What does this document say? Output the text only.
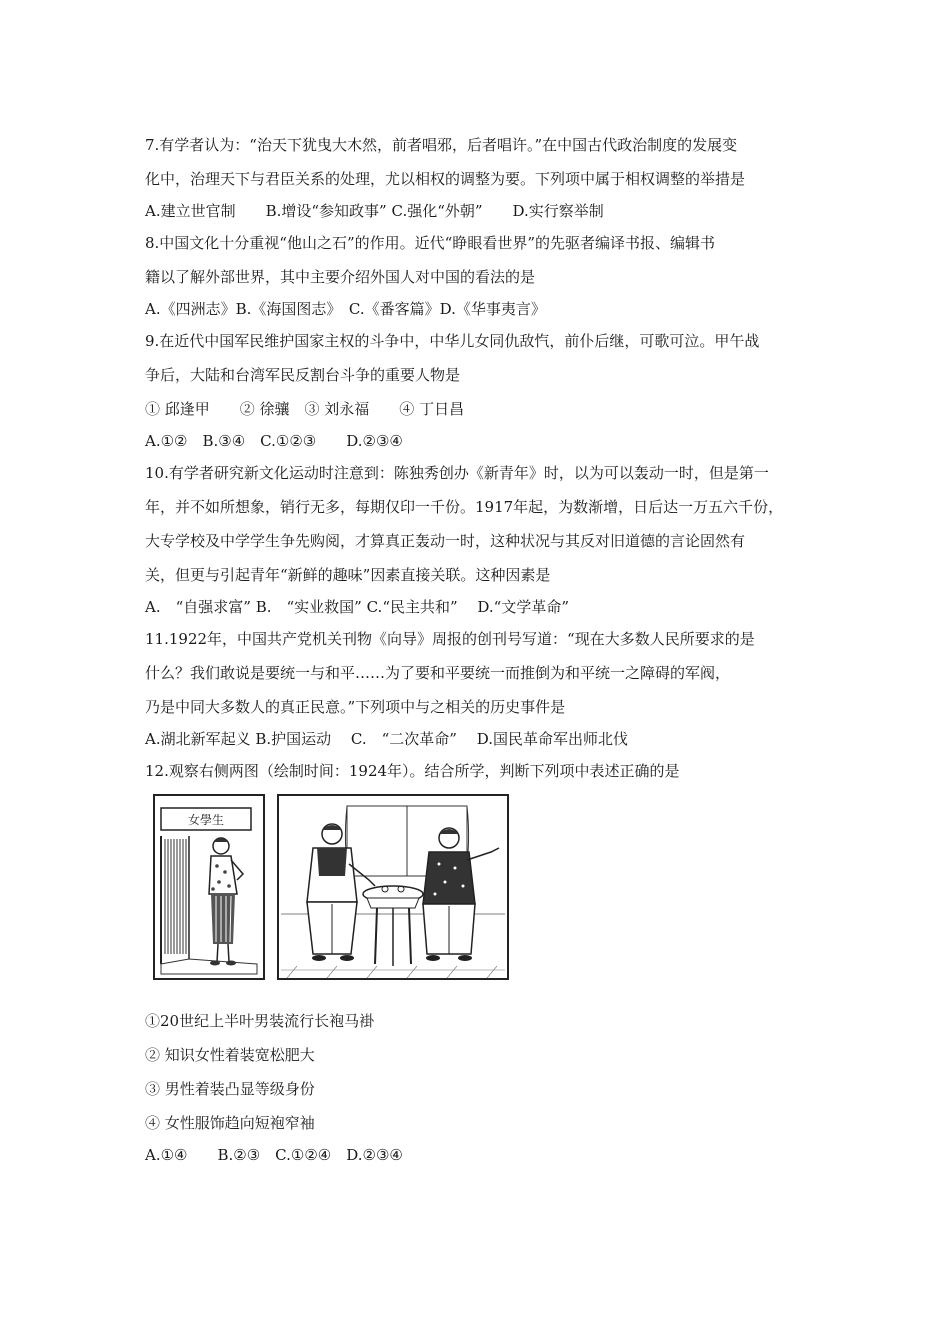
7.有学者认为：“治天下犹曳大木然，前者唱邪，后者唱许。”在中国古代政治制度的发展变
化中，治理天下与君臣关系的处理，尤以相权的调整为要。下列项中属于相权调整的举措是
A.建立世官制　　B.增设“参知政事” C.强化“外朝”　　D.实行察举制
8.中国文化十分重视“他山之石”的作用。近代“睁眼看世界”的先驱者编译书报、编辑书
籍以了解外部世界，其中主要介绍外国人对中国的看法的是
A.《四洲志》B.《海国图志》　C.《番客篇》D.《华事夷言》
9.在近代中国军民维护国家主权的斗争中，中华儿女同仇敌忾，前仆后继，可歌可泣。甲午战
争后，大陆和台湾军民反割台斗争的重要人物是
① 邱逢甲　　② 徐骧　③ 刘永福　　④ 丁日昌
A.①②　B.③④　C.①②③　　D.②③④
10.有学者研究新文化运动时注意到：陈独秀创办《新青年》时，以为可以轰动一时，但是第一
年，并不如所想象，销行无多，每期仅印一千份。1917年起，为数渐增，日后达一万五六千份，
大专学校及中学学生争先购阅，才算真正轰动一时，这种状况与其反对旧道德的言论固然有
关，但更与引起青年“新鲜的趣味”因素直接关联。这种因素是
A.　“自强求富” B.　“实业救国” C.“民主共和”　 D.“文学革命”
11.1922年，中国共产党机关刊物《向导》周报的创刊号写道：“现在大多数人民所要求的是
什么？我们敢说是要统一与和平……为了要和平要统一而推倒为和平统一之障碍的军阀，
乃是中同大多数人的真正民意。”下列项中与之相关的历史事件是
A.湖北新军起义 B.护国运动　 C.　“二次革命”　 D.国民革命军出师北伐
12.观察右侧两图（绘制时间：1924年）。结合所学，判断下列项中表述正确的是
女學生
①20世纪上半叶男装流行长袍马褂
② 知识女性着装宽松肥大
③ 男性着装凸显等级身份
④ 女性服饰趋向短袍窄袖
A.①④　　B.②③　C.①②④　D.②③④
